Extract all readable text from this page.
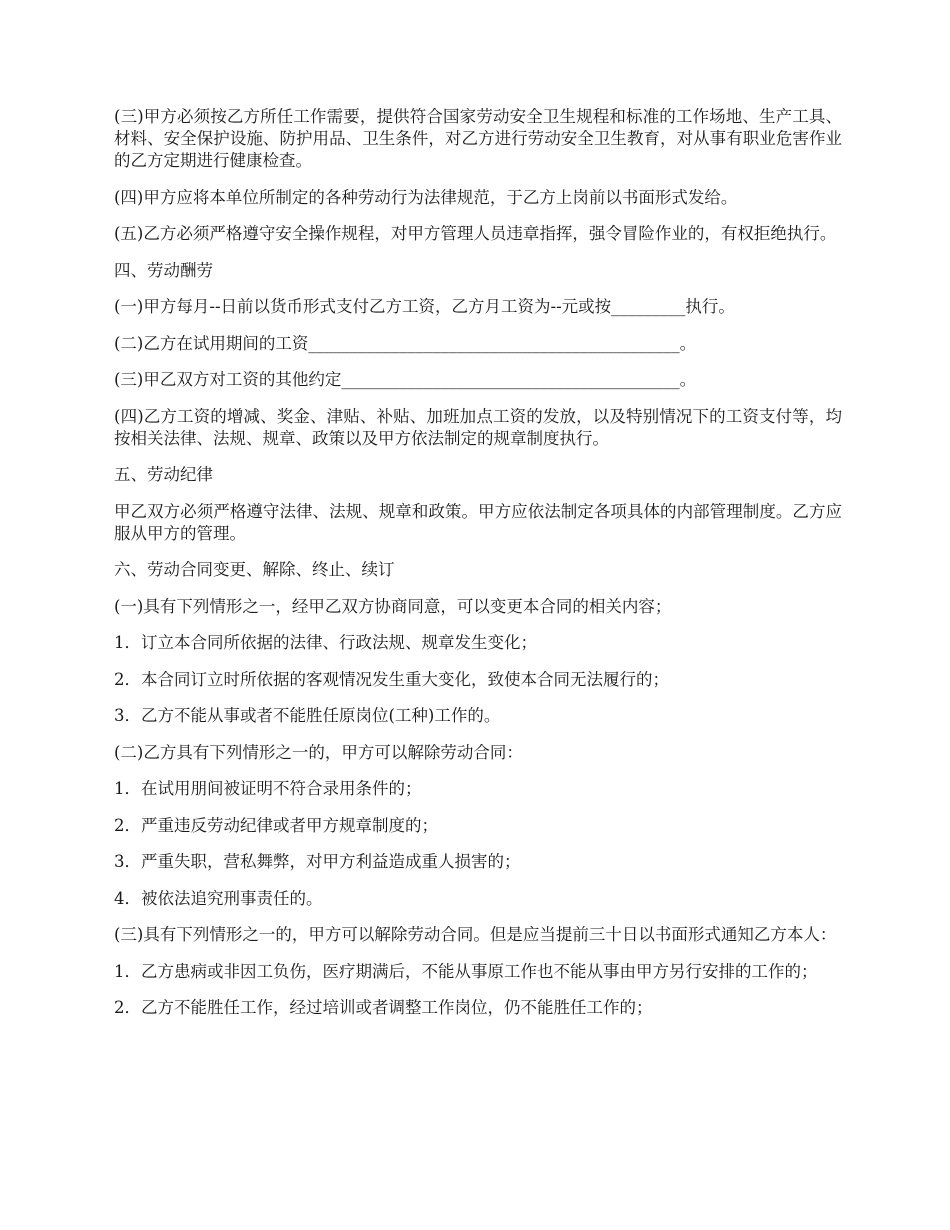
(三)甲方必须按乙方所任工作需要，提供符合国家劳动安全卫生规程和标准的工作场地、生产工具、材料、安全保护设施、防护用品、卫生条件，对乙方进行劳动安全卫生教育，对从事有职业危害作业的乙方定期进行健康检查。

(四)甲方应将本单位所制定的各种劳动行为法律规范，于乙方上岗前以书面形式发给。

(五)乙方必须严格遵守安全操作规程，对甲方管理人员违章指挥，强令冒险作业的，有权拒绝执行。

四、劳动酬劳

(一)甲方每月--日前以货币形式支付乙方工资，乙方月工资为--元或按_________执行。

(二)乙方在试用期间的工资_____________________________________________。

(三)甲乙双方对工资的其他约定_________________________________________。

(四)乙方工资的增减、奖金、津贴、补贴、加班加点工资的发放，以及特别情况下的工资支付等，均按相关法律、法规、规章、政策以及甲方依法制定的规章制度执行。

五、劳动纪律

甲乙双方必须严格遵守法律、法规、规章和政策。甲方应依法制定各项具体的内部管理制度。乙方应服从甲方的管理。

六、劳动合同变更、解除、终止、续订

(一)具有下列情形之一，经甲乙双方协商同意，可以变更本合同的相关内容；

1．订立本合同所依据的法律、行政法规、规章发生变化；

2．本合同订立时所依据的客观情况发生重大变化，致使本合同无法履行的；

3．乙方不能从事或者不能胜任原岗位(工种)工作的。

(二)乙方具有下列情形之一的，甲方可以解除劳动合同：

1．在试用朋间被证明不符合录用条件的；

2．严重违反劳动纪律或者甲方规章制度的；

3．严重失职，营私舞弊，对甲方利益造成重人损害的；

4．被依法追究刑事责任的。

(三)具有下列情形之一的，甲方可以解除劳动合同。但是应当提前三十日以书面形式通知乙方本人：

1．乙方患病或非因工负伤，医疗期满后，不能从事原工作也不能从事由甲方另行安排的工作的；

2．乙方不能胜任工作，经过培训或者调整工作岗位，仍不能胜任工作的；
